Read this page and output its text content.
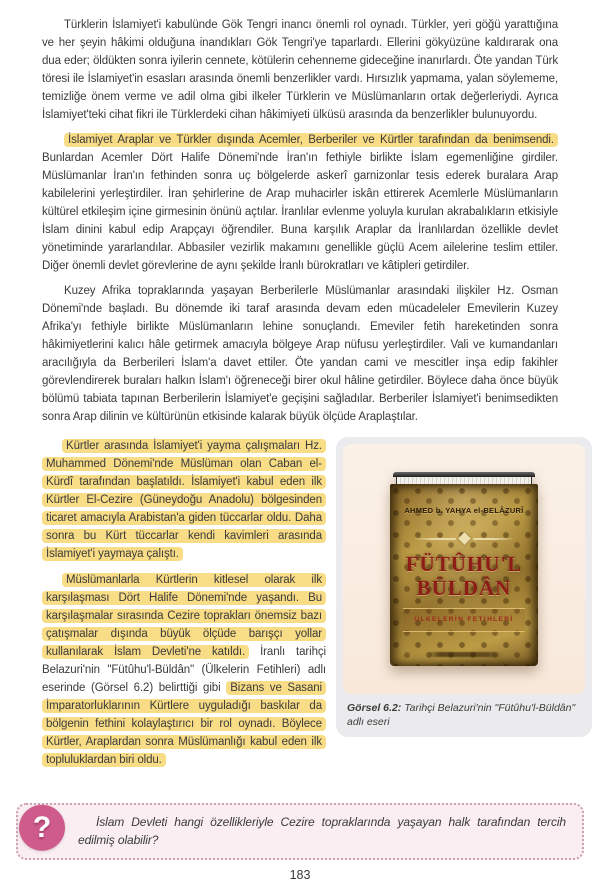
Türklerin İslamiyet'i kabulünde Gök Tengri inancı önemli rol oynadı. Türkler, yeri göğü yarattığına ve her şeyin hâkimi olduğuna inandıkları Gök Tengri'ye taparlardı. Ellerini gökyüzüne kaldırarak ona dua eder; öldükten sonra iyilerin cennete, kötülerin cehenneme gideceğine inanırlardı. Öte yandan Türk töresi ile İslamiyet'in esasları arasında önemli benzerlikler vardı. Hırsızlık yapmama, yalan söylememe, temizliğe önem verme ve adil olma gibi ilkeler Türklerin ve Müslümanların ortak değerleriydi. Ayrıca İslamiyet'teki cihat fikri ile Türklerdeki cihan hâkimiyeti ülküsü arasında da benzerlikler bulunuyordu.

İslamiyet Araplar ve Türkler dışında Acemler, Berberiler ve Kürtler tarafından da benimsendi. Bunlardan Acemler Dört Halife Dönemi'nde İran'ın fethiyle birlikte İslam egemenliğine girdiler. Müslümanlar İran'ın fethinden sonra uç bölgelerde askerî garnizonlar tesis ederek buralara Arap kabilelerini yerleştirdiler. İran şehirlerine de Arap muhacirler iskân ettirerek Acemlerle Müslümanların kültürel etkileşim içine girmesinin önünü açtılar. İranlılar evlenme yoluyla kurulan akrabalıkların etkisiyle İslam dinini kabul edip Arapçayı öğrendiler. Buna karşılık Araplar da İranlılardan özellikle devlet yönetiminde yararlandılar. Abbasiler vezirlik makamını genellikle güçlü Acem ailelerine teslim ettiler. Diğer önemli devlet görevlerine de aynı şekilde İranlı bürokratları ve kâtipleri getirdiler.

Kuzey Afrika topraklarında yaşayan Berberilerle Müslümanlar arasındaki ilişkiler Hz. Osman Dönemi'nde başladı. Bu dönemde iki taraf arasında devam eden mücadeleler Emevilerin Kuzey Afrika'yı fethiyle birlikte Müslümanların lehine sonuçlandı. Emeviler fetih hareketinden sonra hâkimiyetlerini kalıcı hâle getirmek amacıyla bölgeye Arap nüfusu yerleştirdiler. Vali ve kumandanları aracılığıyla da Berberileri İslam'a davet ettiler. Öte yandan cami ve mescitler inşa edip fakihler görevlendirerek buraları halkın İslam'ı öğreneceği birer okul hâline getirdiler. Böylece daha önce büyük bölümü tabiata tapınan Berberilerin İslamiyet'e geçişini sağladılar. Berberiler İslamiyet'i benimsedikten sonra Arap dilinin ve kültürünün etkisinde kalarak büyük ölçüde Araplaştılar.

Kürtler arasında İslamiyet'i yayma çalışmaları Hz. Muhammed Dönemi'nde Müslüman olan Caban el-Kürdî tarafından başlatıldı. İslamiyet'i kabul eden ilk Kürtler El-Cezire (Güneydoğu Anadolu) bölgesinden ticaret amacıyla Arabistan'a giden tüccarlar oldu. Daha sonra bu Kürt tüccarlar kendi kavimleri arasında İslamiyet'i yaymaya çalıştı.

Müslümanlarla Kürtlerin kitlesel olarak ilk karşılaşması Dört Halife Dönemi'nde yaşandı. Bu karşılaşmalar sırasında Cezire toprakları önemsiz bazı çatışmalar dışında büyük ölçüde barışçı yollar kullanılarak İslam Devleti'ne katıldı. İranlı tarihçi Belazuri'nin "Fütûhu'l-Büldân" (Ülkelerin Fetihleri) adlı eserinde (Görsel 6.2) belirttiği gibi Bizans ve Sasani İmparatorluklarının Kürtlere uyguladığı baskılar da bölgenin fethini kolaylaştırıcı bir rol oynadı. Böylece Kürtler, Araplardan sonra Müslümanlığı kabul eden ilk topluluklardan biri oldu.

AHMED b. YAHYA el-BELÂZURÎ
FÜTÛHU'L
BÜLDÂN
ÜLKELERİN FETİHLERİ
Görsel 6.2: Tarihçi Belazuri'nin "Fütûhu'l-Büldân" adlı eseri
?	İslam Devleti hangi özellikleriyle Cezire topraklarında yaşayan halk tarafından tercih edilmiş olabilir?

183
